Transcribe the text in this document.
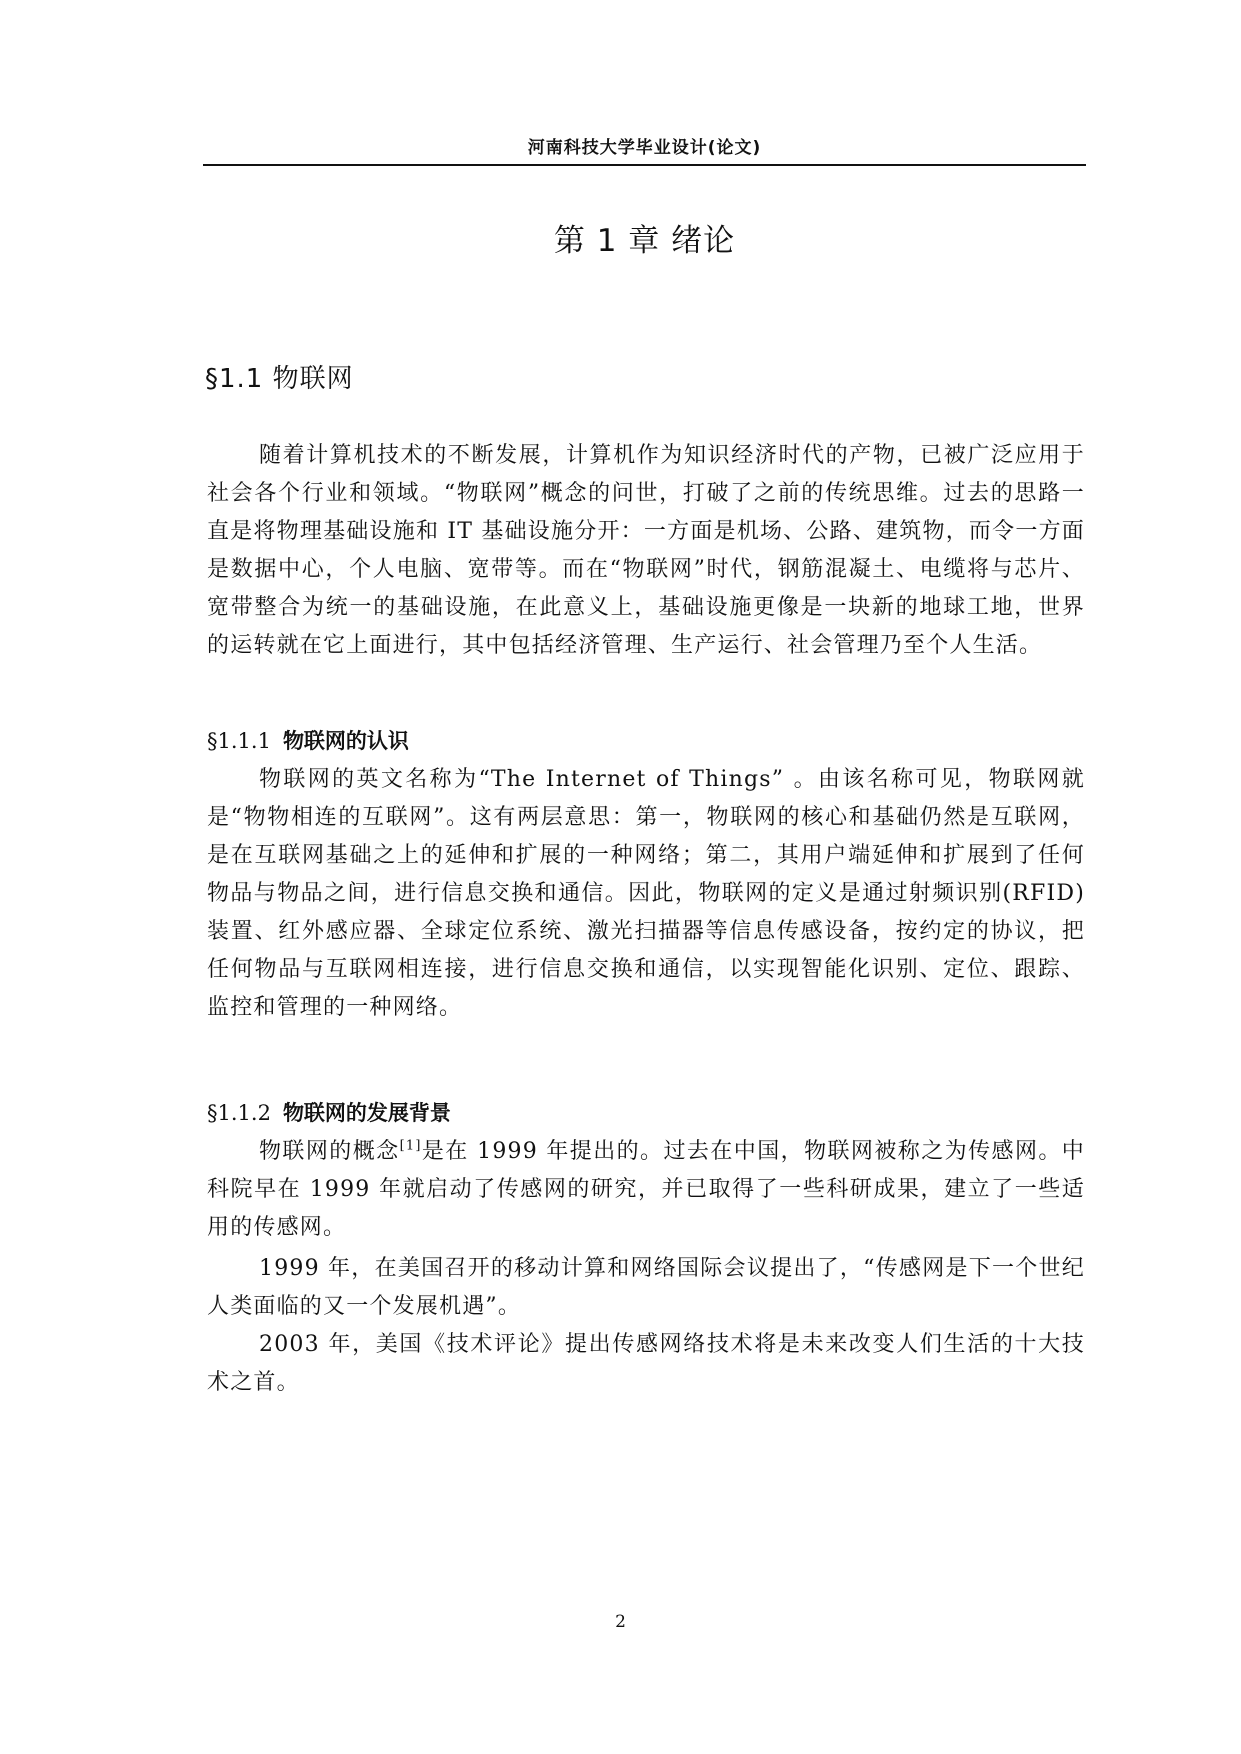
河南科技大学毕业设计(论文)
第 1 章 绪论
§1.1 物联网

随着计算机技术的不断发展，计算机作为知识经济时代的产物，已被广泛应用于社会各个行业和领域。“物联网”概念的问世，打破了之前的传统思维。过去的思路一直是将物理基础设施和 IT 基础设施分开：一方面是机场、公路、建筑物，而令一方面是数据中心，个人电脑、宽带等。而在“物联网”时代，钢筋混凝土、电缆将与芯片、宽带整合为统一的基础设施，在此意义上，基础设施更像是一块新的地球工地，世界的运转就在它上面进行，其中包括经济管理、生产运行、社会管理乃至个人生活。

§1.1.1 物联网的认识

物联网的英文名称为“The Internet of Things” 。由该名称可见，物联网就是“物物相连的互联网”。这有两层意思：第一，物联网的核心和基础仍然是互联网，是在互联网基础之上的延伸和扩展的一种网络；第二，其用户端延伸和扩展到了任何物品与物品之间，进行信息交换和通信。因此，物联网的定义是通过射频识别(RFID)装置、红外感应器、全球定位系统、激光扫描器等信息传感设备，按约定的协议，把任何物品与互联网相连接，进行信息交换和通信，以实现智能化识别、定位、跟踪、监控和管理的一种网络。

§1.1.2 物联网的发展背景

物联网的概念[1]是在 1999 年提出的。过去在中国，物联网被称之为传感网。中科院早在 1999 年就启动了传感网的研究，并已取得了一些科研成果，建立了一些适用的传感网。

1999 年，在美国召开的移动计算和网络国际会议提出了，“传感网是下一个世纪人类面临的又一个发展机遇”。

2003 年，美国《技术评论》提出传感网络技术将是未来改变人们生活的十大技术之首。

2
